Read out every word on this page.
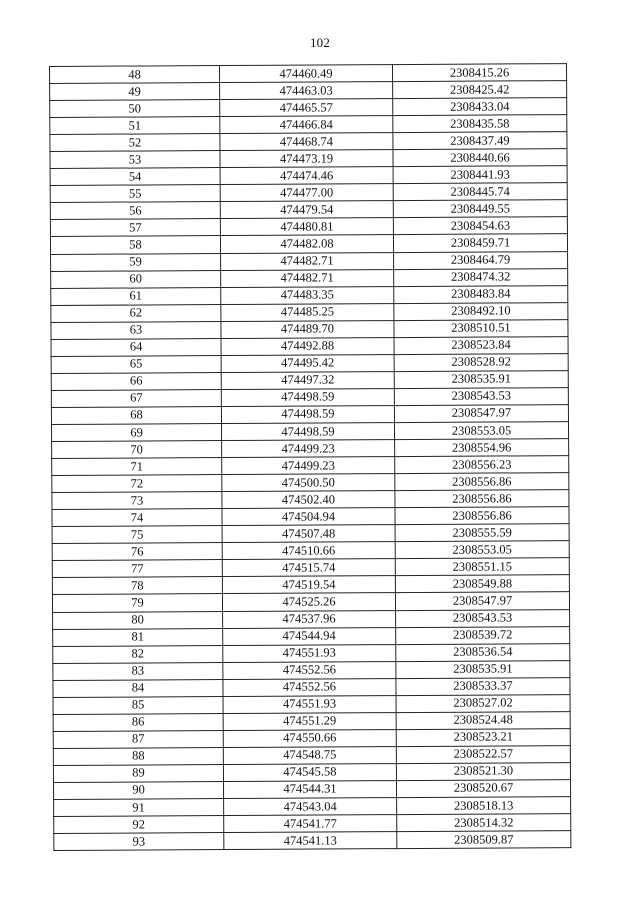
102
48	474460.49	2308415.26
49	474463.03	2308425.42
50	474465.57	2308433.04
51	474466.84	2308435.58
52	474468.74	2308437.49
53	474473.19	2308440.66
54	474474.46	2308441.93
55	474477.00	2308445.74
56	474479.54	2308449.55
57	474480.81	2308454.63
58	474482.08	2308459.71
59	474482.71	2308464.79
60	474482.71	2308474.32
61	474483.35	2308483.84
62	474485.25	2308492.10
63	474489.70	2308510.51
64	474492.88	2308523.84
65	474495.42	2308528.92
66	474497.32	2308535.91
67	474498.59	2308543.53
68	474498.59	2308547.97
69	474498.59	2308553.05
70	474499.23	2308554.96
71	474499.23	2308556.23
72	474500.50	2308556.86
73	474502.40	2308556.86
74	474504.94	2308556.86
75	474507.48	2308555.59
76	474510.66	2308553.05
77	474515.74	2308551.15
78	474519.54	2308549.88
79	474525.26	2308547.97
80	474537.96	2308543.53
81	474544.94	2308539.72
82	474551.93	2308536.54
83	474552.56	2308535.91
84	474552.56	2308533.37
85	474551.93	2308527.02
86	474551.29	2308524.48
87	474550.66	2308523.21
88	474548.75	2308522.57
89	474545.58	2308521.30
90	474544.31	2308520.67
91	474543.04	2308518.13
92	474541.77	2308514.32
93	474541.13	2308509.87
